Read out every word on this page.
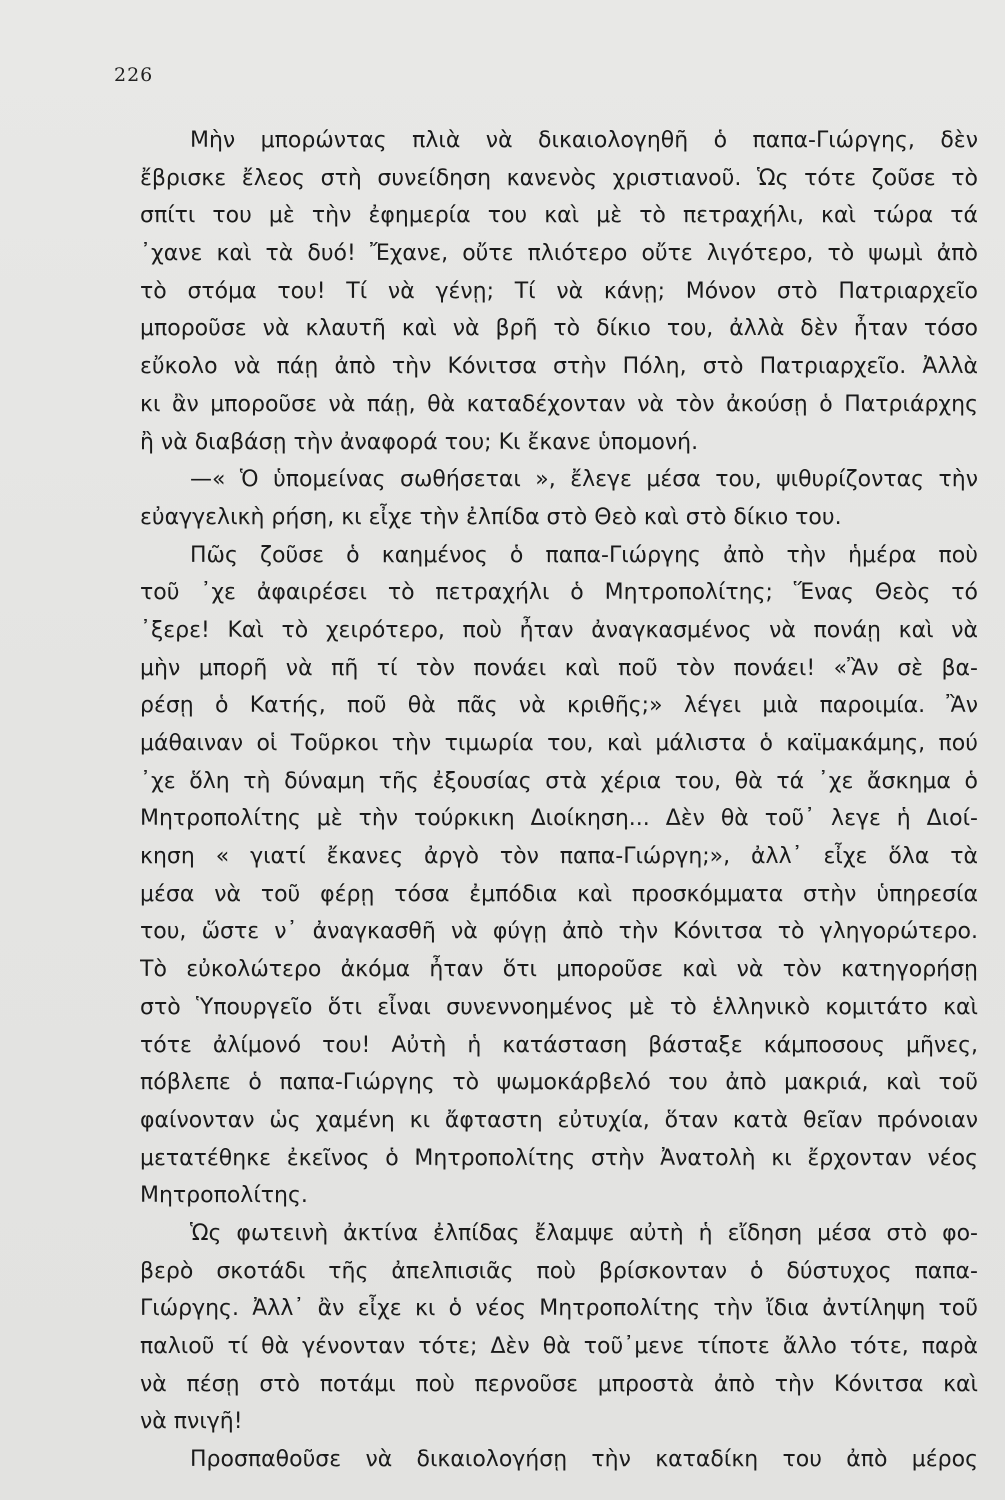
226
Μὴν μπορώντας πλιὰ νὰ δικαιολογηθῆ ὁ παπα-Γιώργης, δὲν
ἔβρισκε ἔλεος στὴ συνείδηση κανενὸς χριστιανοῦ. Ὡς τότε ζοῦσε τὸ
σπίτι του μὲ τὴν ἐφημερία του καὶ μὲ τὸ πετραχήλι, καὶ τώρα τά
᾽χανε καὶ τὰ δυό! Ἔχανε, οὔτε πλιότερο οὔτε λιγότερο, τὸ ψωμὶ ἀπὸ
τὸ στόμα του! Τί νὰ γένῃ; Τί νὰ κάνῃ; Μόνον στὸ Πατριαρχεῖο
μποροῦσε νὰ κλαυτῆ καὶ νὰ βρῆ τὸ δίκιο του, ἀλλὰ δὲν ἦταν τόσο
εὔκολο νὰ πάῃ ἀπὸ τὴν Κόνιτσα στὴν Πόλη, στὸ Πατριαρχεῖο. Ἀλλὰ
κι ἂν μποροῦσε νὰ πάῃ, θὰ καταδέχονταν νὰ τὸν ἀκούσῃ ὁ Πατριάρχης
ἢ νὰ διαβάσῃ τὴν ἀναφορά του; Κι ἔκανε ὑπομονή.
—« Ὁ ὑπομείνας σωθήσεται », ἔλεγε μέσα του, ψιθυρίζοντας τὴν
εὐαγγελικὴ ρήση, κι εἶχε τὴν ἐλπίδα στὸ Θεὸ καὶ στὸ δίκιο του.
Πῶς ζοῦσε ὁ καημένος ὁ παπα-Γιώργης ἀπὸ τὴν ἡμέρα ποὺ
τοῦ ᾽χε ἀφαιρέσει τὸ πετραχήλι ὁ Μητροπολίτης; Ἕνας Θεὸς τό
᾽ξερε! Καὶ τὸ χειρότερο, ποὺ ἦταν ἀναγκασμένος νὰ πονάῃ καὶ νὰ
μὴν μπορῆ νὰ πῆ τί τὸν πονάει καὶ ποῦ τὸν πονάει! «Ἂν σὲ βα-
ρέσῃ ὁ Κατής, ποῦ θὰ πᾶς νὰ κριθῆς;» λέγει μιὰ παροιμία. Ἂν
μάθαιναν οἱ Τοῦρκοι τὴν τιμωρία του, καὶ μάλιστα ὁ καϊμακάμης, πού
᾽χε ὅλη τὴ δύναμη τῆς ἐξουσίας στὰ χέρια του, θὰ τά ᾽χε ἄσκημα ὁ
Μητροπολίτης μὲ τὴν τούρκικη Διοίκηση... Δὲν θὰ τοῦ᾽ λεγε ἡ Διοί-
κηση « γιατί ἔκανες ἀργὸ τὸν παπα-Γιώργη;», ἀλλ᾽ εἶχε ὅλα τὰ
μέσα νὰ τοῦ φέρῃ τόσα ἐμπόδια καὶ προσκόμματα στὴν ὑπηρεσία
του, ὥστε ν᾽ ἀναγκασθῆ νὰ φύγῃ ἀπὸ τὴν Κόνιτσα τὸ γληγορώτερο.
Τὸ εὐκολώτερο ἀκόμα ἦταν ὅτι μποροῦσε καὶ νὰ τὸν κατηγορήσῃ
στὸ Ὑπουργεῖο ὅτι εἶναι συνεννοημένος μὲ τὸ ἑλληνικὸ κομιτάτο καὶ
τότε ἀλίμονό του! Αὐτὴ ἡ κατάσταση βάσταξε κάμποσους μῆνες,
πόβλεπε ὁ παπα-Γιώργης τὸ ψωμοκάρβελό του ἀπὸ μακριά, καὶ τοῦ
φαίνονταν ὡς χαμένη κι ἄφταστη εὐτυχία, ὅταν κατὰ θεῖαν πρόνοιαν
μετατέθηκε ἐκεῖνος ὁ Μητροπολίτης στὴν Ἀνατολὴ κι ἔρχονταν νέος
Μητροπολίτης.
Ὡς φωτεινὴ ἀκτίνα ἐλπίδας ἔλαμψε αὐτὴ ἡ εἴδηση μέσα στὸ φο-
βερὸ σκοτάδι τῆς ἀπελπισιᾶς ποὺ βρίσκονταν ὁ δύστυχος παπα-
Γιώργης. Ἀλλ᾽ ἂν εἶχε κι ὁ νέος Μητροπολίτης τὴν ἴδια ἀντίληψη τοῦ
παλιοῦ τί θὰ γένονταν τότε; Δὲν θὰ τοῦ᾽μενε τίποτε ἄλλο τότε, παρὰ
νὰ πέσῃ στὸ ποτάμι ποὺ περνοῦσε μπροστὰ ἀπὸ τὴν Κόνιτσα καὶ
νὰ πνιγῆ!
Προσπαθοῦσε νὰ δικαιολογήσῃ τὴν καταδίκη του ἀπὸ μέρος
